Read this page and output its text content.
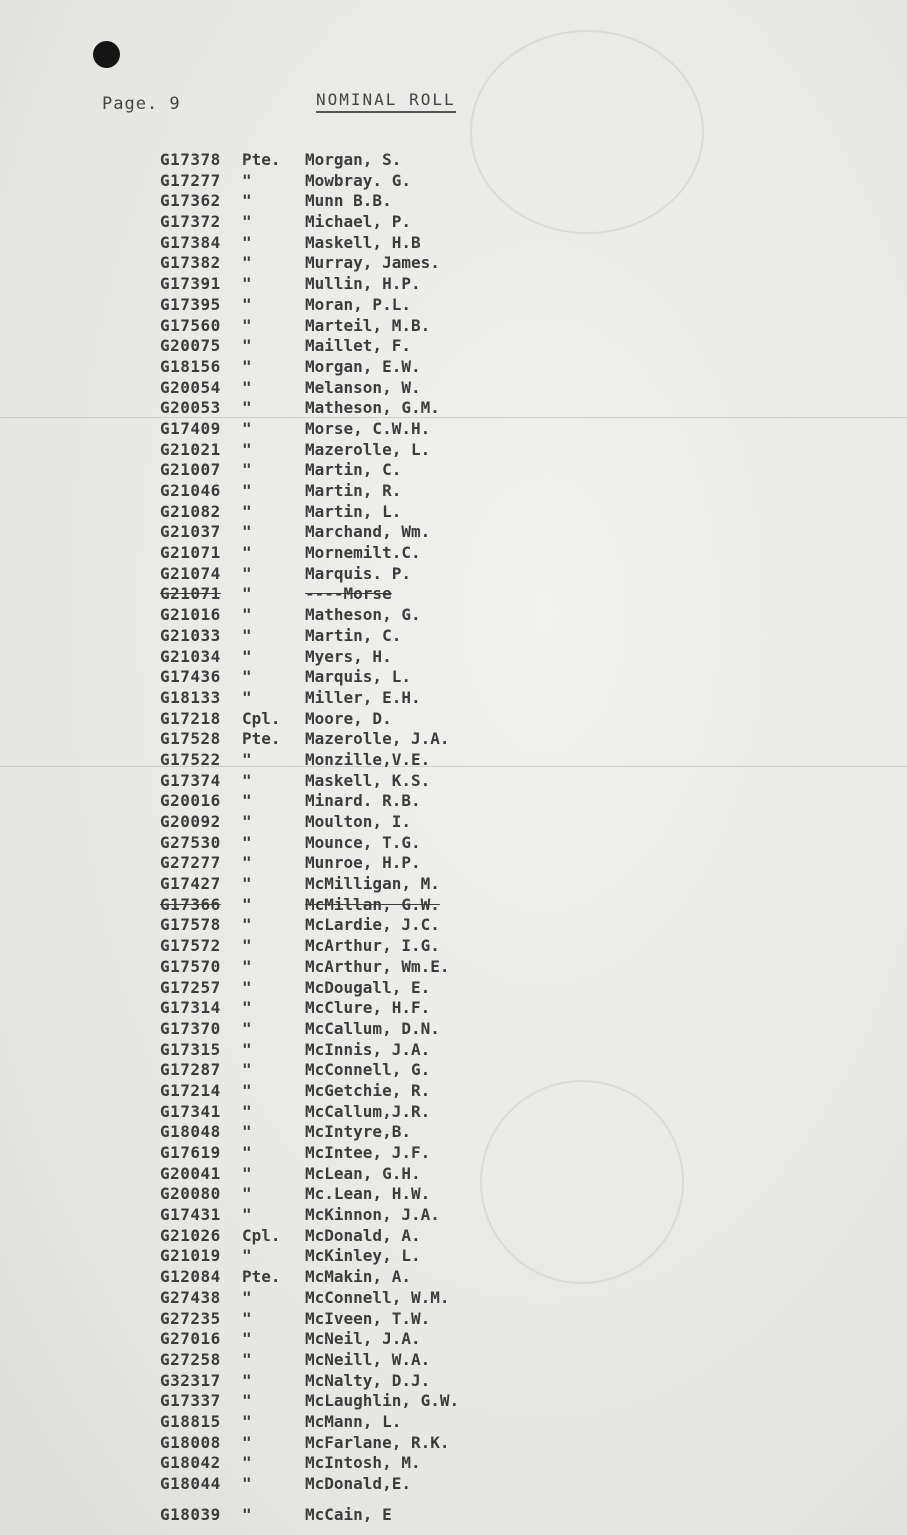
Page. 9	NOMINAL ROLL
G17378	Pte.	Morgan, S.
G17277	"	Mowbray. G.
G17362	"	Munn B.B.
G17372	"	Michael, P.
G17384	"	Maskell, H.B
G17382	"	Murray, James.
G17391	"	Mullin, H.P.
G17395	"	Moran, P.L.
G17560	"	Marteil, M.B.
G20075	"	Maillet, F.
G18156	"	Morgan, E.W.
G20054	"	Melanson, W.
G20053	"	Matheson, G.M.
G17409	"	Morse, C.W.H.
G21021	"	Mazerolle, L.
G21007	"	Martin, C.
G21046	"	Martin, R.
G21082	"	Martin, L.
G21037	"	Marchand, Wm.
G21071	"	Mornemilt.C.
G21074	"	Marquis. P.
G21071	"	----Morse
G21016	"	Matheson, G.
G21033	"	Martin, C.
G21034	"	Myers, H.
G17436	"	Marquis, L.
G18133	"	Miller, E.H.
G17218	Cpl.	Moore, D.
G17528	Pte.	Mazerolle, J.A.
G17522	"	Monzille,V.E.
G17374	"	Maskell, K.S.
G20016	"	Minard. R.B.
G20092	"	Moulton, I.
G27530	"	Mounce, T.G.
G27277	"	Munroe, H.P.
G17427	"	McMilligan, M.
G17366	"	McMillan, G.W.
G17578	"	McLardie, J.C.
G17572	"	McArthur, I.G.
G17570	"	McArthur, Wm.E.
G17257	"	McDougall, E.
G17314	"	McClure, H.F.
G17370	"	McCallum, D.N.
G17315	"	McInnis, J.A.
G17287	"	McConnell, G.
G17214	"	McGetchie, R.
G17341	"	McCallum,J.R.
G18048	"	McIntyre,B.
G17619	"	McIntee, J.F.
G20041	"	McLean, G.H.
G20080	"	Mc.Lean, H.W.
G17431	"	McKinnon, J.A.
G21026	Cpl.	McDonald, A.
G21019	"	McKinley, L.
G12084	Pte.	McMakin, A.
G27438	"	McConnell, W.M.
G27235	"	McIveen, T.W.
G27016	"	McNeil, J.A.
G27258	"	McNeill, W.A.
G32317	"	McNalty, D.J.
G17337	"	McLaughlin, G.W.
G18815	"	McMann, L.
G18008	"	McFarlane, R.K.
G18042	"	McIntosh, M.
G18044	"	McDonald,E.
G18039	"	McCain, E
